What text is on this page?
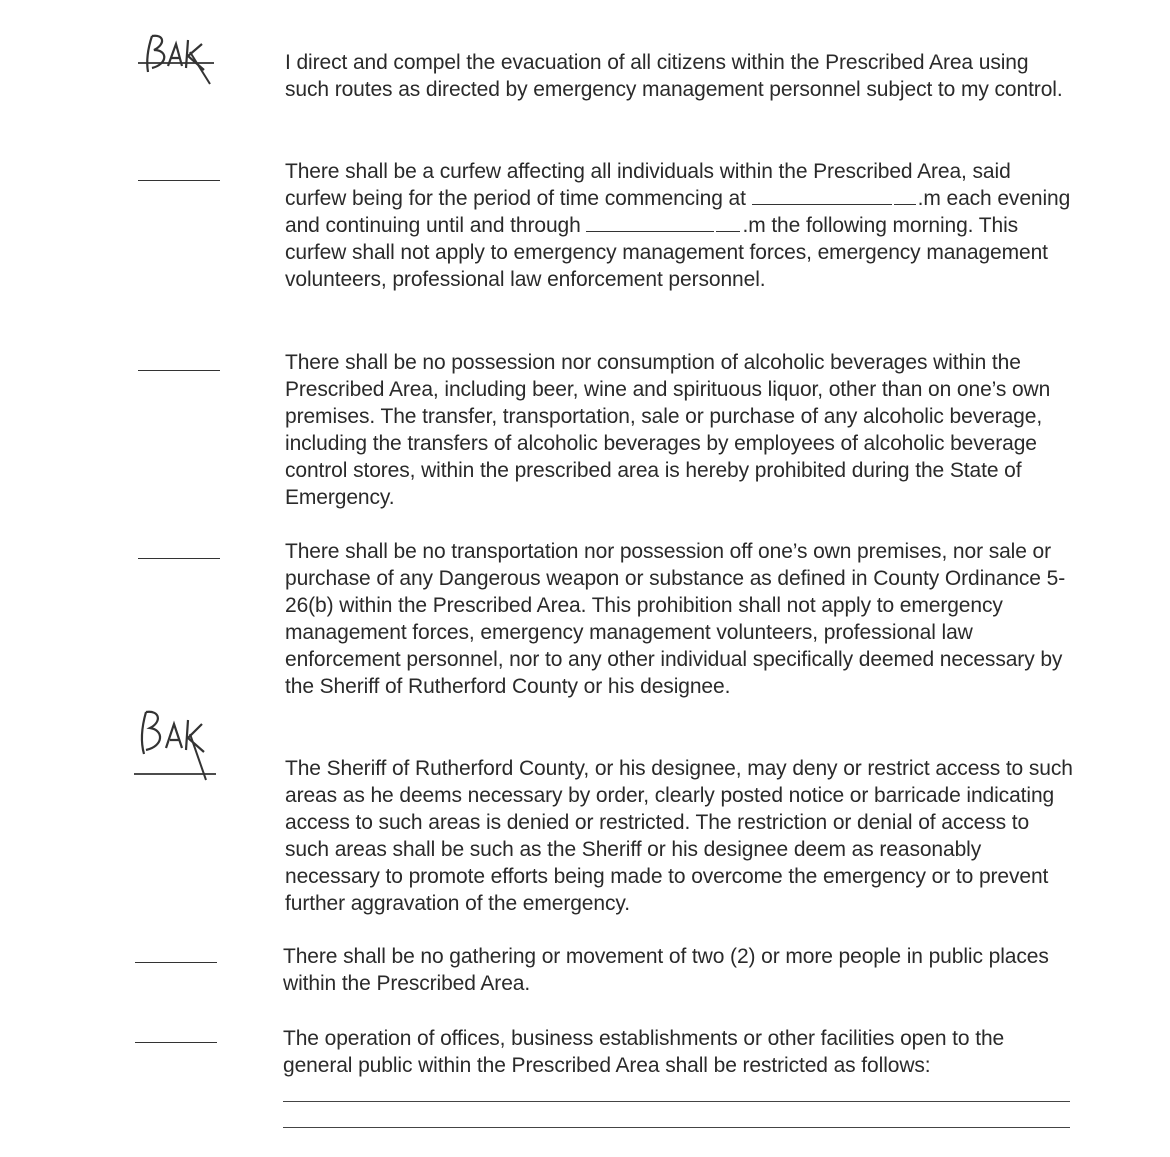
I direct and compel the evacuation of all citizens within the Prescribed Area using such routes as directed by emergency management personnel subject to my control.

There shall be a curfew affecting all individuals within the Prescribed Area, said curfew being for the period of time commencing at	.m each evening and continuing until and through	.m the following morning. This curfew shall not apply to emergency management forces, emergency management volunteers, professional law enforcement personnel.

There shall be no possession nor consumption of alcoholic beverages within the Prescribed Area, including beer, wine and spirituous liquor, other than on one’s own premises. The transfer, transportation, sale or purchase of any alcoholic beverage, including the transfers of alcoholic beverages by employees of alcoholic beverage control stores, within the prescribed area is hereby prohibited during the State of Emergency.

There shall be no transportation nor possession off one’s own premises, nor sale or purchase of any Dangerous weapon or substance as defined in County Ordinance 5-26(b) within the Prescribed Area. This prohibition shall not apply to emergency management forces, emergency management volunteers, professional law enforcement personnel, nor to any other individual specifically deemed necessary by the Sheriff of Rutherford County or his designee.

The Sheriff of Rutherford County, or his designee, may deny or restrict access to such areas as he deems necessary by order, clearly posted notice or barricade indicating access to such areas is denied or restricted. The restriction or denial of access to such areas shall be such as the Sheriff or his designee deem as reasonably necessary to promote efforts being made to overcome the emergency or to prevent further aggravation of the emergency.

There shall be no gathering or movement of two (2) or more people in public places within the Prescribed Area.

The operation of offices, business establishments or other facilities open to the general public within the Prescribed Area shall be restricted as follows:
